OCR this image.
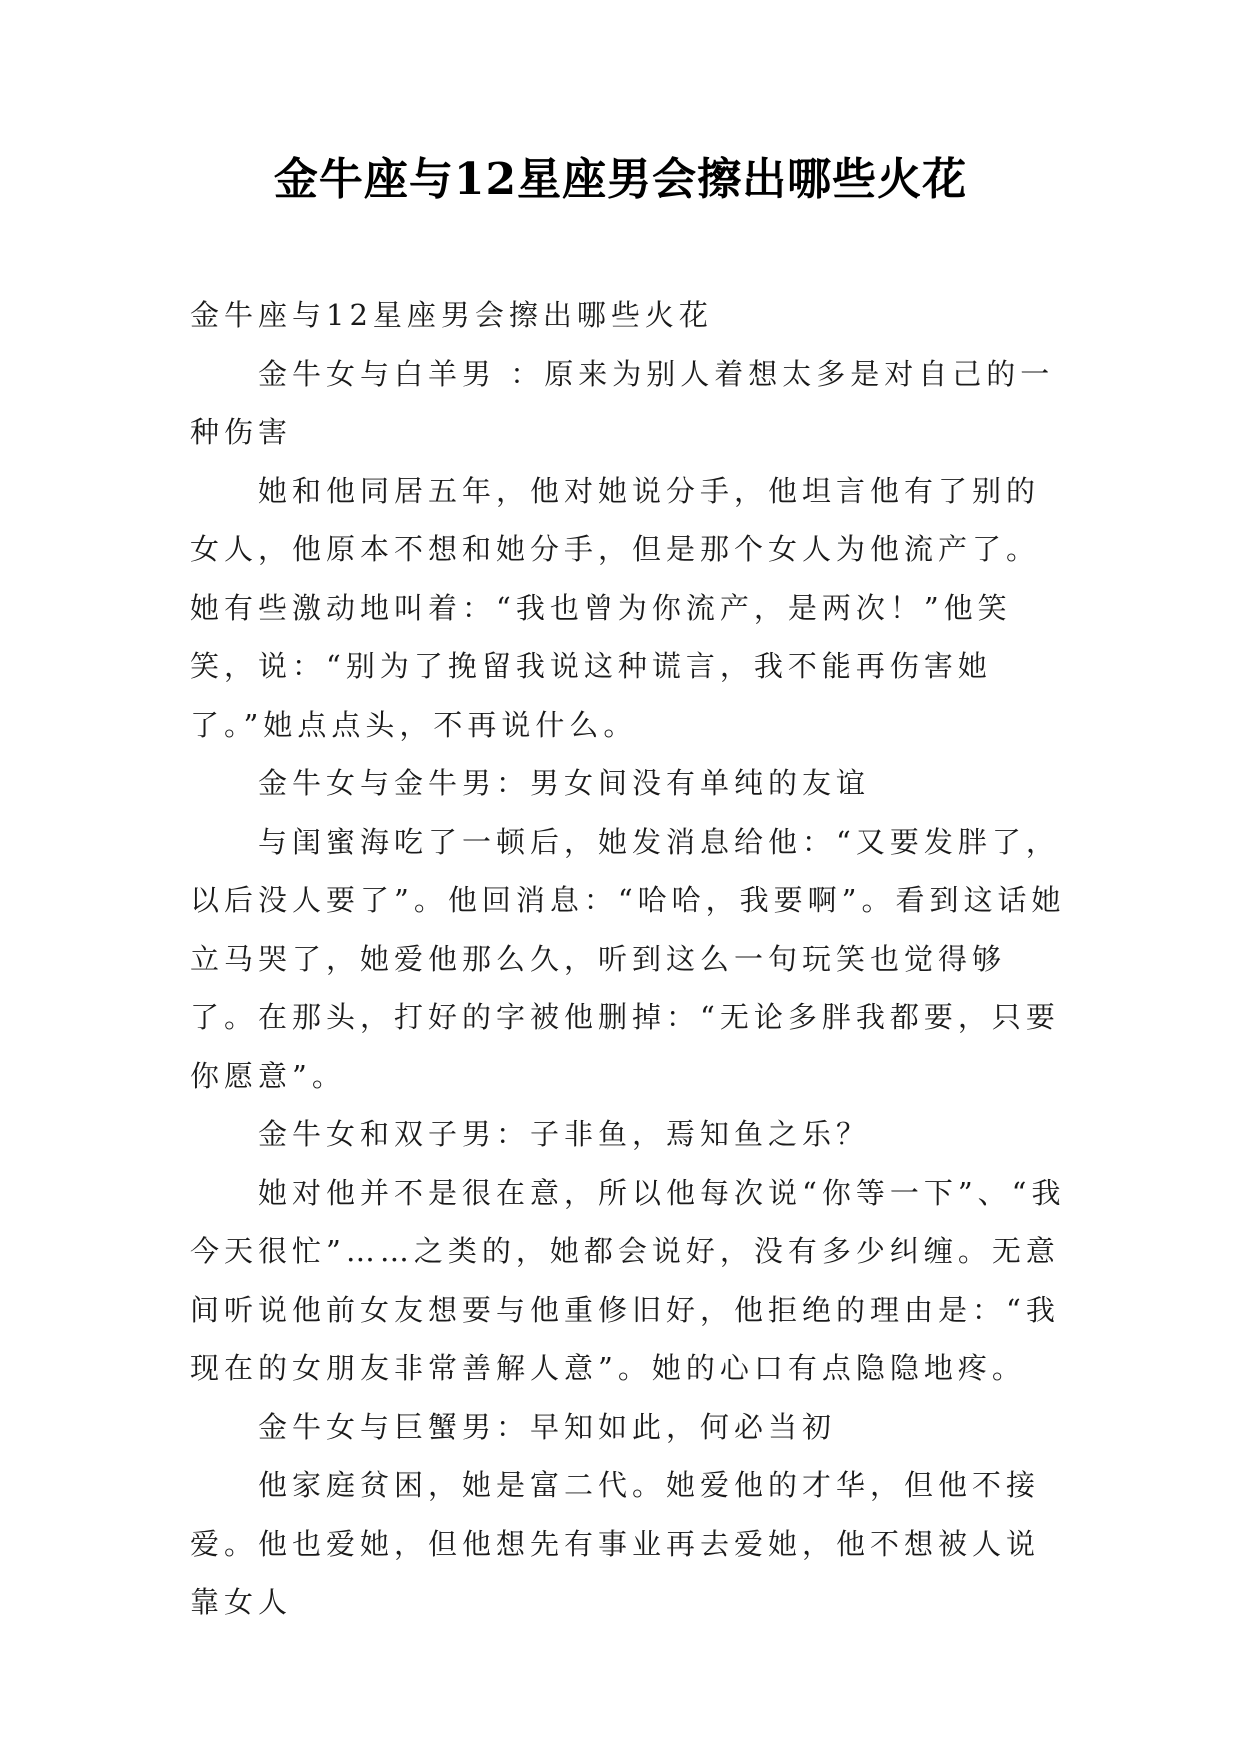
金牛座与12星座男会擦出哪些火花

金牛座与12星座男会擦出哪些火花

金牛女与白羊男 ：原来为别人着想太多是对自己的一种伤害

她和他同居五年，他对她说分手，他坦言他有了别的女人，他原本不想和她分手，但是那个女人为他流产了。她有些激动地叫着：“我也曾为你流产，是两次！”他笑笑，说：“别为了挽留我说这种谎言，我不能再伤害她了。”她点点头，不再说什么。

金牛女与金牛男：男女间没有单纯的友谊

与闺蜜海吃了一顿后，她发消息给他：“又要发胖了，以后没人要了”。他回消息：“哈哈，我要啊”。看到这话她立马哭了，她爱他那么久，听到这么一句玩笑也觉得够了。在那头，打好的字被他删掉：“无论多胖我都要，只要你愿意”。

金牛女和双子男：子非鱼，焉知鱼之乐？

她对他并不是很在意，所以他每次说“你等一下”、“我今天很忙”……之类的，她都会说好，没有多少纠缠。无意间听说他前女友想要与他重修旧好，他拒绝的理由是：“我现在的女朋友非常善解人意”。她的心口有点隐隐地疼。

金牛女与巨蟹男：早知如此，何必当初

他家庭贫困，她是富二代。她爱他的才华，但他不接爱。他也爱她，但他想先有事业再去爱她，他不想被人说靠女人
